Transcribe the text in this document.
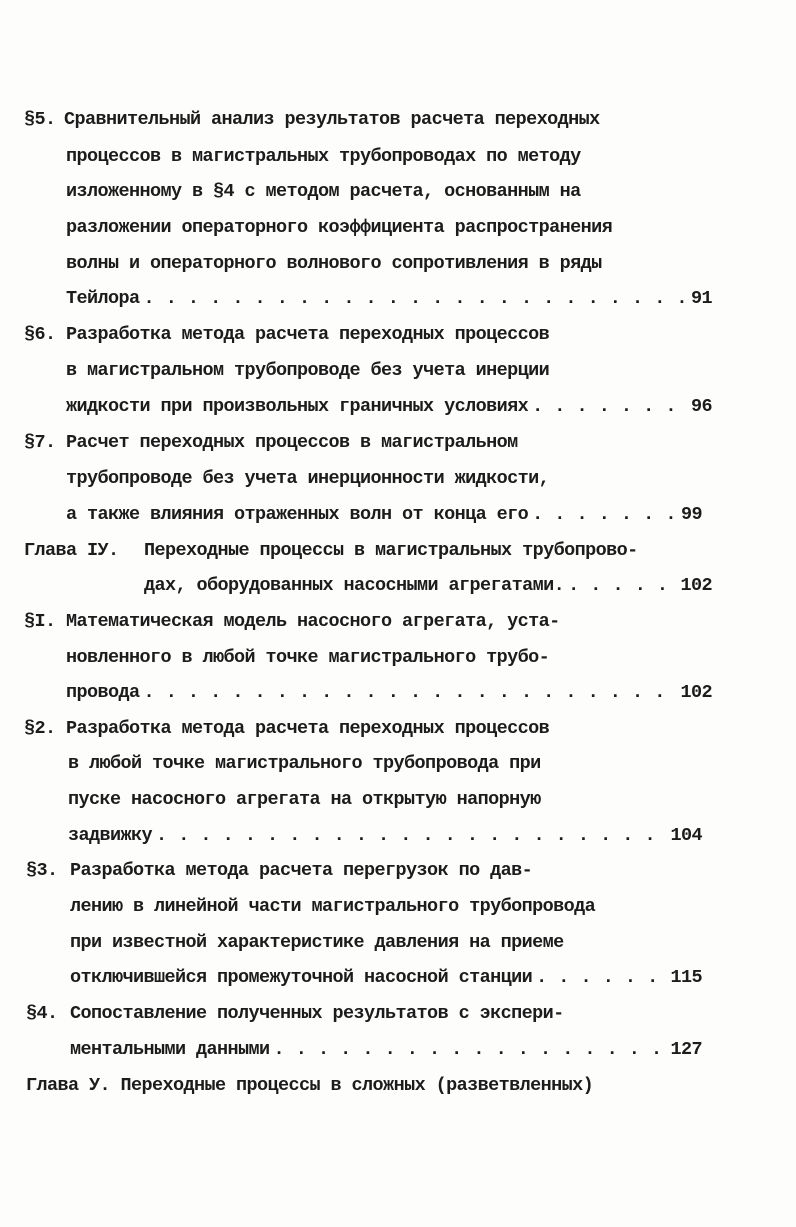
§5. Сравнительный анализ результатов расчета переходных
процессов в магистральных трубопроводах по методу
изложенному в §4 с методом расчета, основанным на
разложении операторного коэффициента распространения
волны и операторного волнового сопротивления в ряды
Тейлора . . .	91
§6. Разработка метода расчета переходных процессов
в магистральном трубопроводе без учета инерции
жидкости при произвольных граничных условиях . . .	96
§7. Расчет переходных процессов в магистральном
трубопроводе без учета инерционности жидкости,
а также влияния отраженных волн от конца его . . .	99
Глава IУ. Переходные процессы в магистральных трубопрово-
дах, оборудованных насосными агрегатами. . . .	102
§I. Математическая модель насосного агрегата, уста-
новленного в любой точке магистрального трубо-
провода . . .	102
§2. Разработка метода расчета переходных процессов
в любой точке магистрального трубопровода при
пуске насосного агрегата на открытую напорную
задвижку . . .	104
§3. Разработка метода расчета перегрузок по дав-
лению в линейной части магистрального трубопровода
при известной характеристике давления на приеме
отключившейся промежуточной насосной станции . . .	115
§4. Сопоставление полученных результатов с экспери-
ментальными данными . . .	127
Глава У. Переходные процессы в сложных (разветвленных)
